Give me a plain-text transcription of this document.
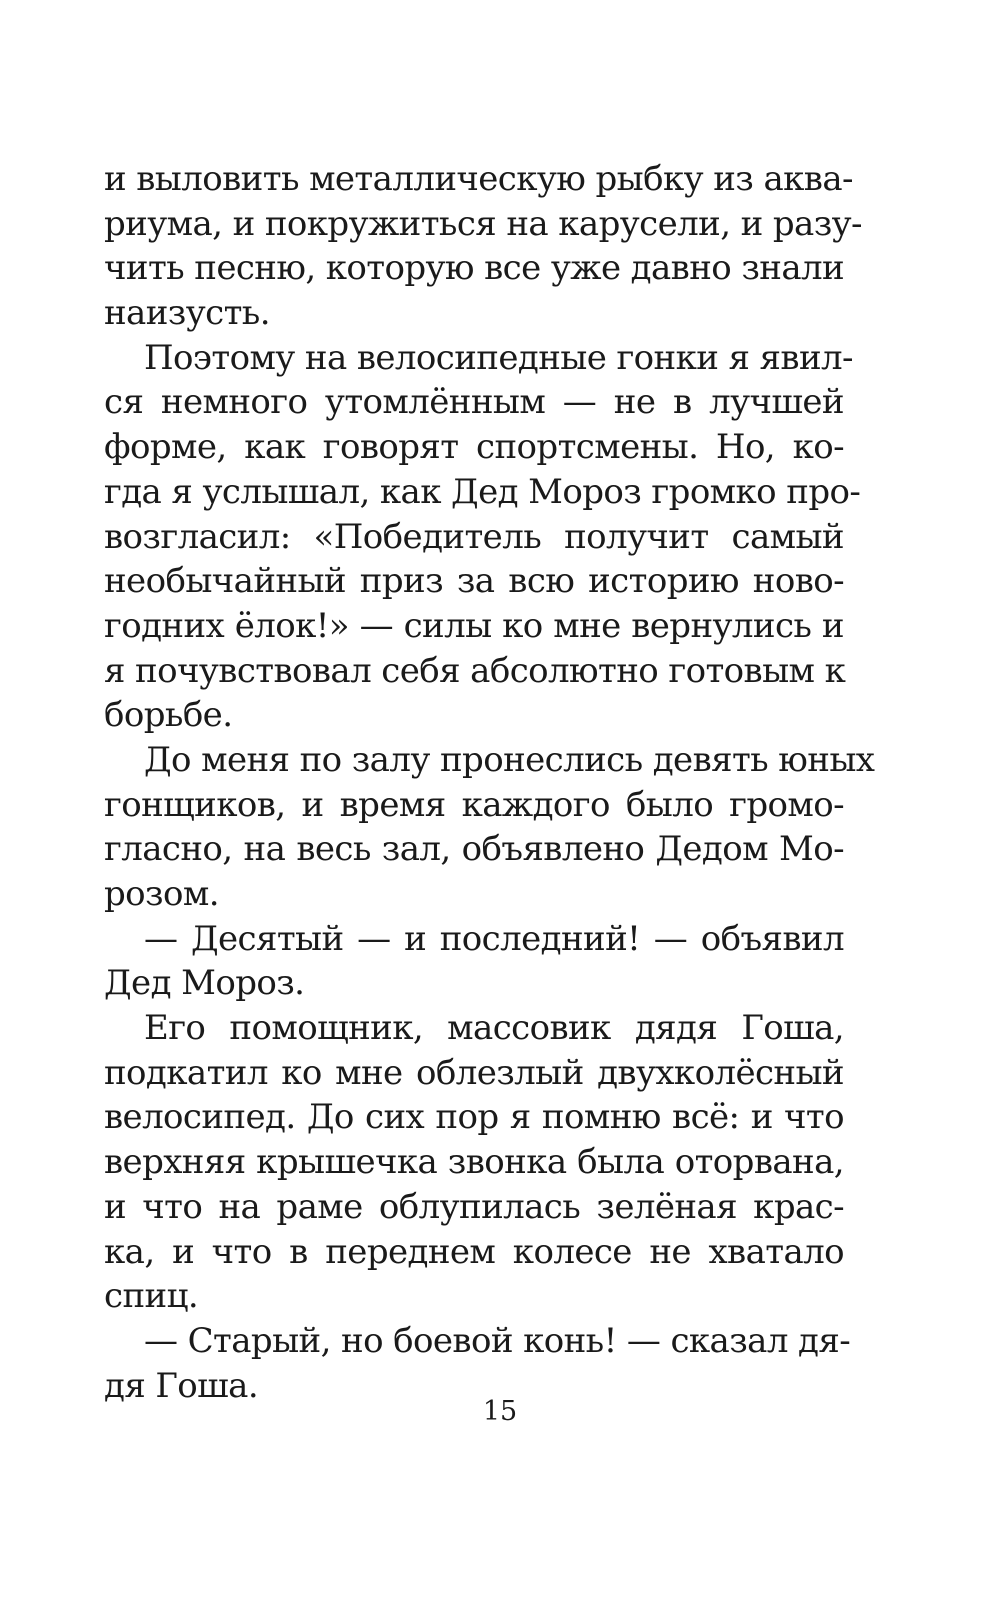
и выловить металлическую рыбку из аква-
риума, и покружиться на карусели, и разу-
чить песню, которую все уже давно знали
наизусть.
Поэтому на велосипедные гонки я явил-
ся немного утомлённым — не в лучшей
форме, как говорят спортсмены. Но, ко-
гда я услышал, как Дед Мороз громко про-
возгласил: «Победитель получит самый
необычайный приз за всю историю ново-
годних ёлок!» — силы ко мне вернулись и
я почувствовал себя абсолютно готовым к
борьбе.
До меня по залу пронеслись девять юных
гонщиков, и время каждого было громо-
гласно, на весь зал, объявлено Дедом Мо-
розом.
— Десятый — и последний! — объявил
Дед Мороз.
Его помощник, массовик дядя Гоша,
подкатил ко мне облезлый двухколёсный
велосипед. До сих пор я помню всё: и что
верхняя крышечка звонка была оторвана,
и что на раме облупилась зелёная крас-
ка, и что в переднем колесе не хватало
спиц.
— Старый, но боевой конь! — сказал дя-
дя Гоша.
15
